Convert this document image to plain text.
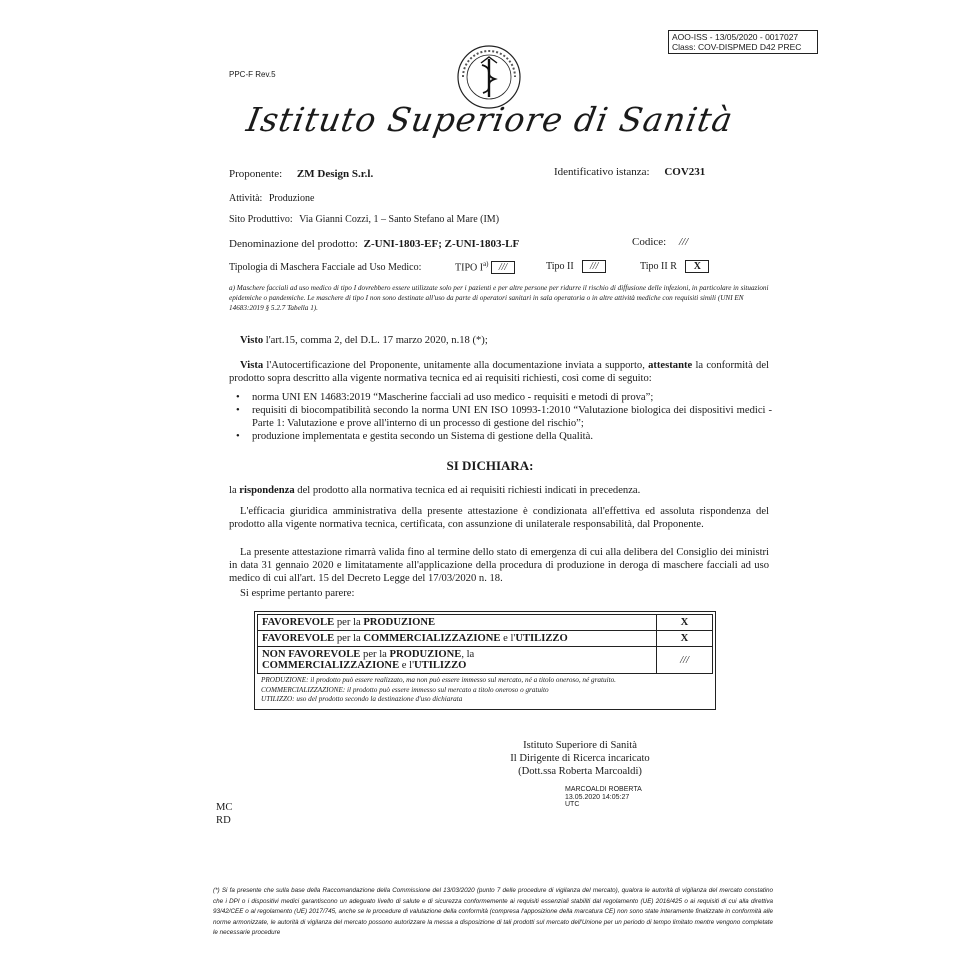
AOO-ISS - 13/05/2020 - 0017027
Class: COV-DISPMED D42 PREC
PPC-F Rev.5
Istituto Superiore di Sanità
Proponente: ZM Design S.r.l.	Identificativo istanza: COV231
Attività: Produzione
Sito Produttivo: Via Gianni Cozzi, 1 – Santo Stefano al Mare (IM)
Denominazione del prodotto: Z-UNI-1803-EF; Z-UNI-1803-LF	Codice: ///
Tipologia di Maschera Facciale ad Uso Medico:	TIPO $I^{a)}$ ///	Tipo II ///	Tipo II R X
a) Maschere facciali ad uso medico di tipo I dovrebbero essere utilizzate solo per i pazienti e per altre persone per ridurre il rischio di diffusione delle infezioni, in particolare in situazioni epidemiche o pandemiche. Le maschere di tipo I non sono destinate all'uso da parte di operatori sanitari in sala operatoria o in altre attività mediche con requisiti simili (UNI EN 14683:2019 § 5.2.7 Tabella 1).
Visto l'art.15, comma 2, del D.L. 17 marzo 2020, n.18 (*);
Vista l'Autocertificazione del Proponente, unitamente alla documentazione inviata a supporto, attestante la conformità del prodotto sopra descritto alla vigente normativa tecnica ed ai requisiti richiesti, così come di seguito:
• norma UNI EN 14683:2019 “Mascherine facciali ad uso medico - requisiti e metodi di prova”;
• requisiti di biocompatibilità secondo la norma UNI EN ISO 10993-1:2010 “Valutazione biologica dei dispositivi medici - Parte 1: Valutazione e prove all'interno di un processo di gestione del rischio”;
• produzione implementata e gestita secondo un Sistema di gestione della Qualità.
SI DICHIARA:
la rispondenza del prodotto alla normativa tecnica ed ai requisiti richiesti indicati in precedenza.
L'efficacia giuridica amministrativa della presente attestazione è condizionata all'effettiva ed assoluta rispondenza del prodotto alla vigente normativa tecnica, certificata, con assunzione di unilaterale responsabilità, dal Proponente.
La presente attestazione rimarrà valida fino al termine dello stato di emergenza di cui alla delibera del Consiglio dei ministri in data 31 gennaio 2020 e limitatamente all'applicazione della procedura di produzione in deroga di maschere facciali ad uso medico di cui all'art. 15 del Decreto Legge del 17/03/2020 n. 18.
Si esprime pertanto parere:
FAVOREVOLE per la PRODUZIONE	X
FAVOREVOLE per la COMMERCIALIZZAZIONE e l'UTILIZZO	X
NON FAVOREVOLE per la PRODUZIONE, la
COMMERCIALIZZAZIONE e l'UTILIZZO	///
PRODUZIONE: il prodotto può essere realizzato, ma non può essere immesso sul mercato, né a titolo oneroso, né gratuito.
COMMERCIALIZZAZIONE: il prodotto può essere immesso sul mercato a titolo oneroso o gratuito
UTILIZZO: uso del prodotto secondo la destinazione d'uso dichiarata
Istituto Superiore di Sanità
Il Dirigente di Ricerca incaricato
(Dott.ssa Roberta Marcoaldi)
MARCOALDI ROBERTA
13.05.2020 14:05:27
UTC
MC
RD
(*) Si fa presente che sulla base della Raccomandazione della Commissione del 13/03/2020 (punto 7 delle procedure di vigilanza del mercato), qualora le autorità di vigilanza del mercato constatino che i DPI o i dispositivi medici garantiscono un adeguato livello di salute e di sicurezza conformemente ai requisiti essenziali stabiliti dal regolamento (UE) 2016/425 o ai requisiti di cui alla direttiva 93/42/CEE o al regolamento (UE) 2017/745, anche se le procedure di valutazione della conformità (compresa l'apposizione della marcatura CE) non sono state interamente finalizzate in conformità alle norme armonizzate, le autorità di vigilanza del mercato possono autorizzare la messa a disposizione di tali prodotti sul mercato dell'Unione per un periodo di tempo limitato mentre vengono completate le necessarie procedure
